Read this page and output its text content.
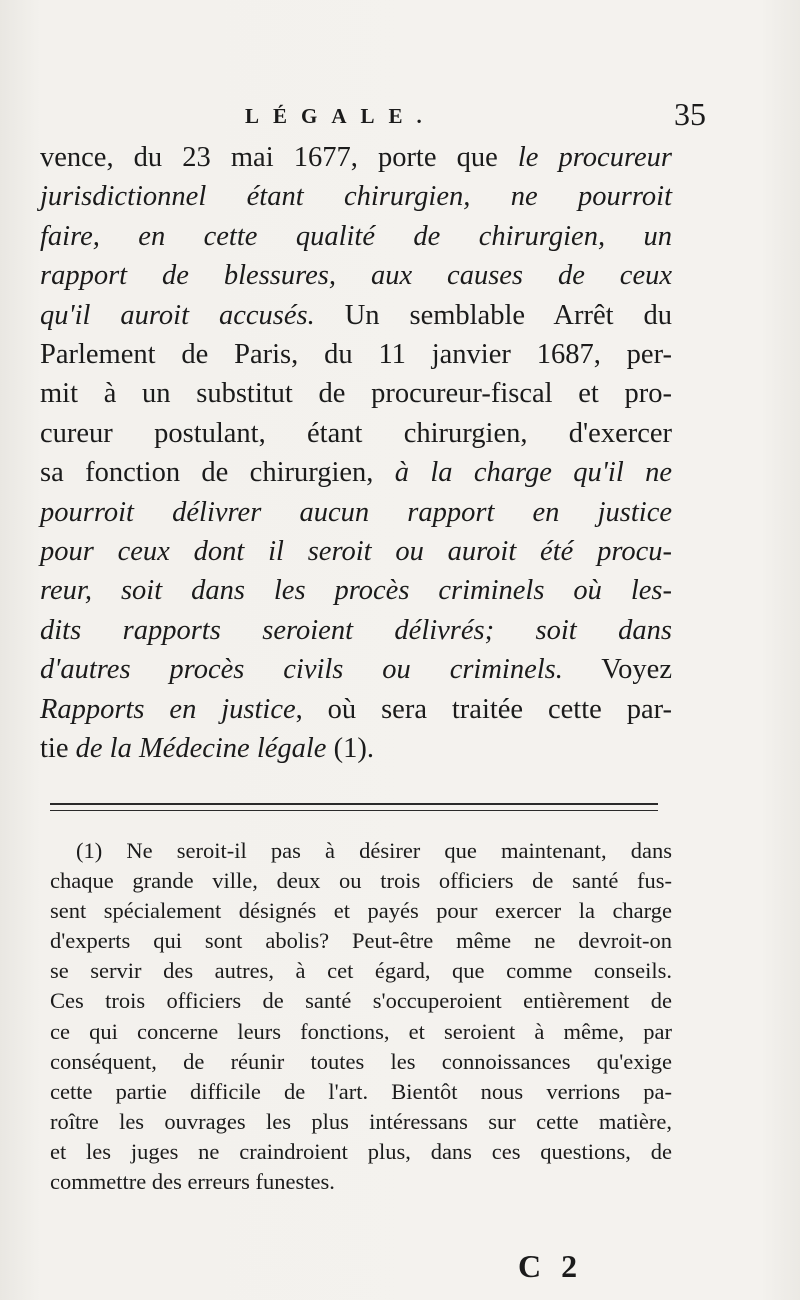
LÉGALE.	35
vence, du 23 mai 1677, porte que le procureur
jurisdictionnel étant chirurgien, ne pourroit
faire, en cette qualité de chirurgien, un
rapport de blessures, aux causes de ceux
qu'il auroit accusés. Un semblable Arrêt du
Parlement de Paris, du 11 janvier 1687, per-
mit à un substitut de procureur-fiscal et pro-
cureur postulant, étant chirurgien, d'exercer
sa fonction de chirurgien, à la charge qu'il ne
pourroit délivrer aucun rapport en justice
pour ceux dont il seroit ou auroit été procu-
reur, soit dans les procès criminels où les-
dits rapports seroient délivrés; soit dans
d'autres procès civils ou criminels. Voyez
Rapports en justice, où sera traitée cette par-
tie de la Médecine légale (1).
(1) Ne seroit-il pas à désirer que maintenant, dans
chaque grande ville, deux ou trois officiers de santé fus-
sent spécialement désignés et payés pour exercer la charge
d'experts qui sont abolis? Peut-être même ne devroit-on
se servir des autres, à cet égard, que comme conseils.
Ces trois officiers de santé s'occuperoient entièrement de
ce qui concerne leurs fonctions, et seroient à même, par
conséquent, de réunir toutes les connoissances qu'exige
cette partie difficile de l'art. Bientôt nous verrions pa-
roître les ouvrages les plus intéressans sur cette matière,
et les juges ne craindroient plus, dans ces questions, de
commettre des erreurs funestes.
C 2
